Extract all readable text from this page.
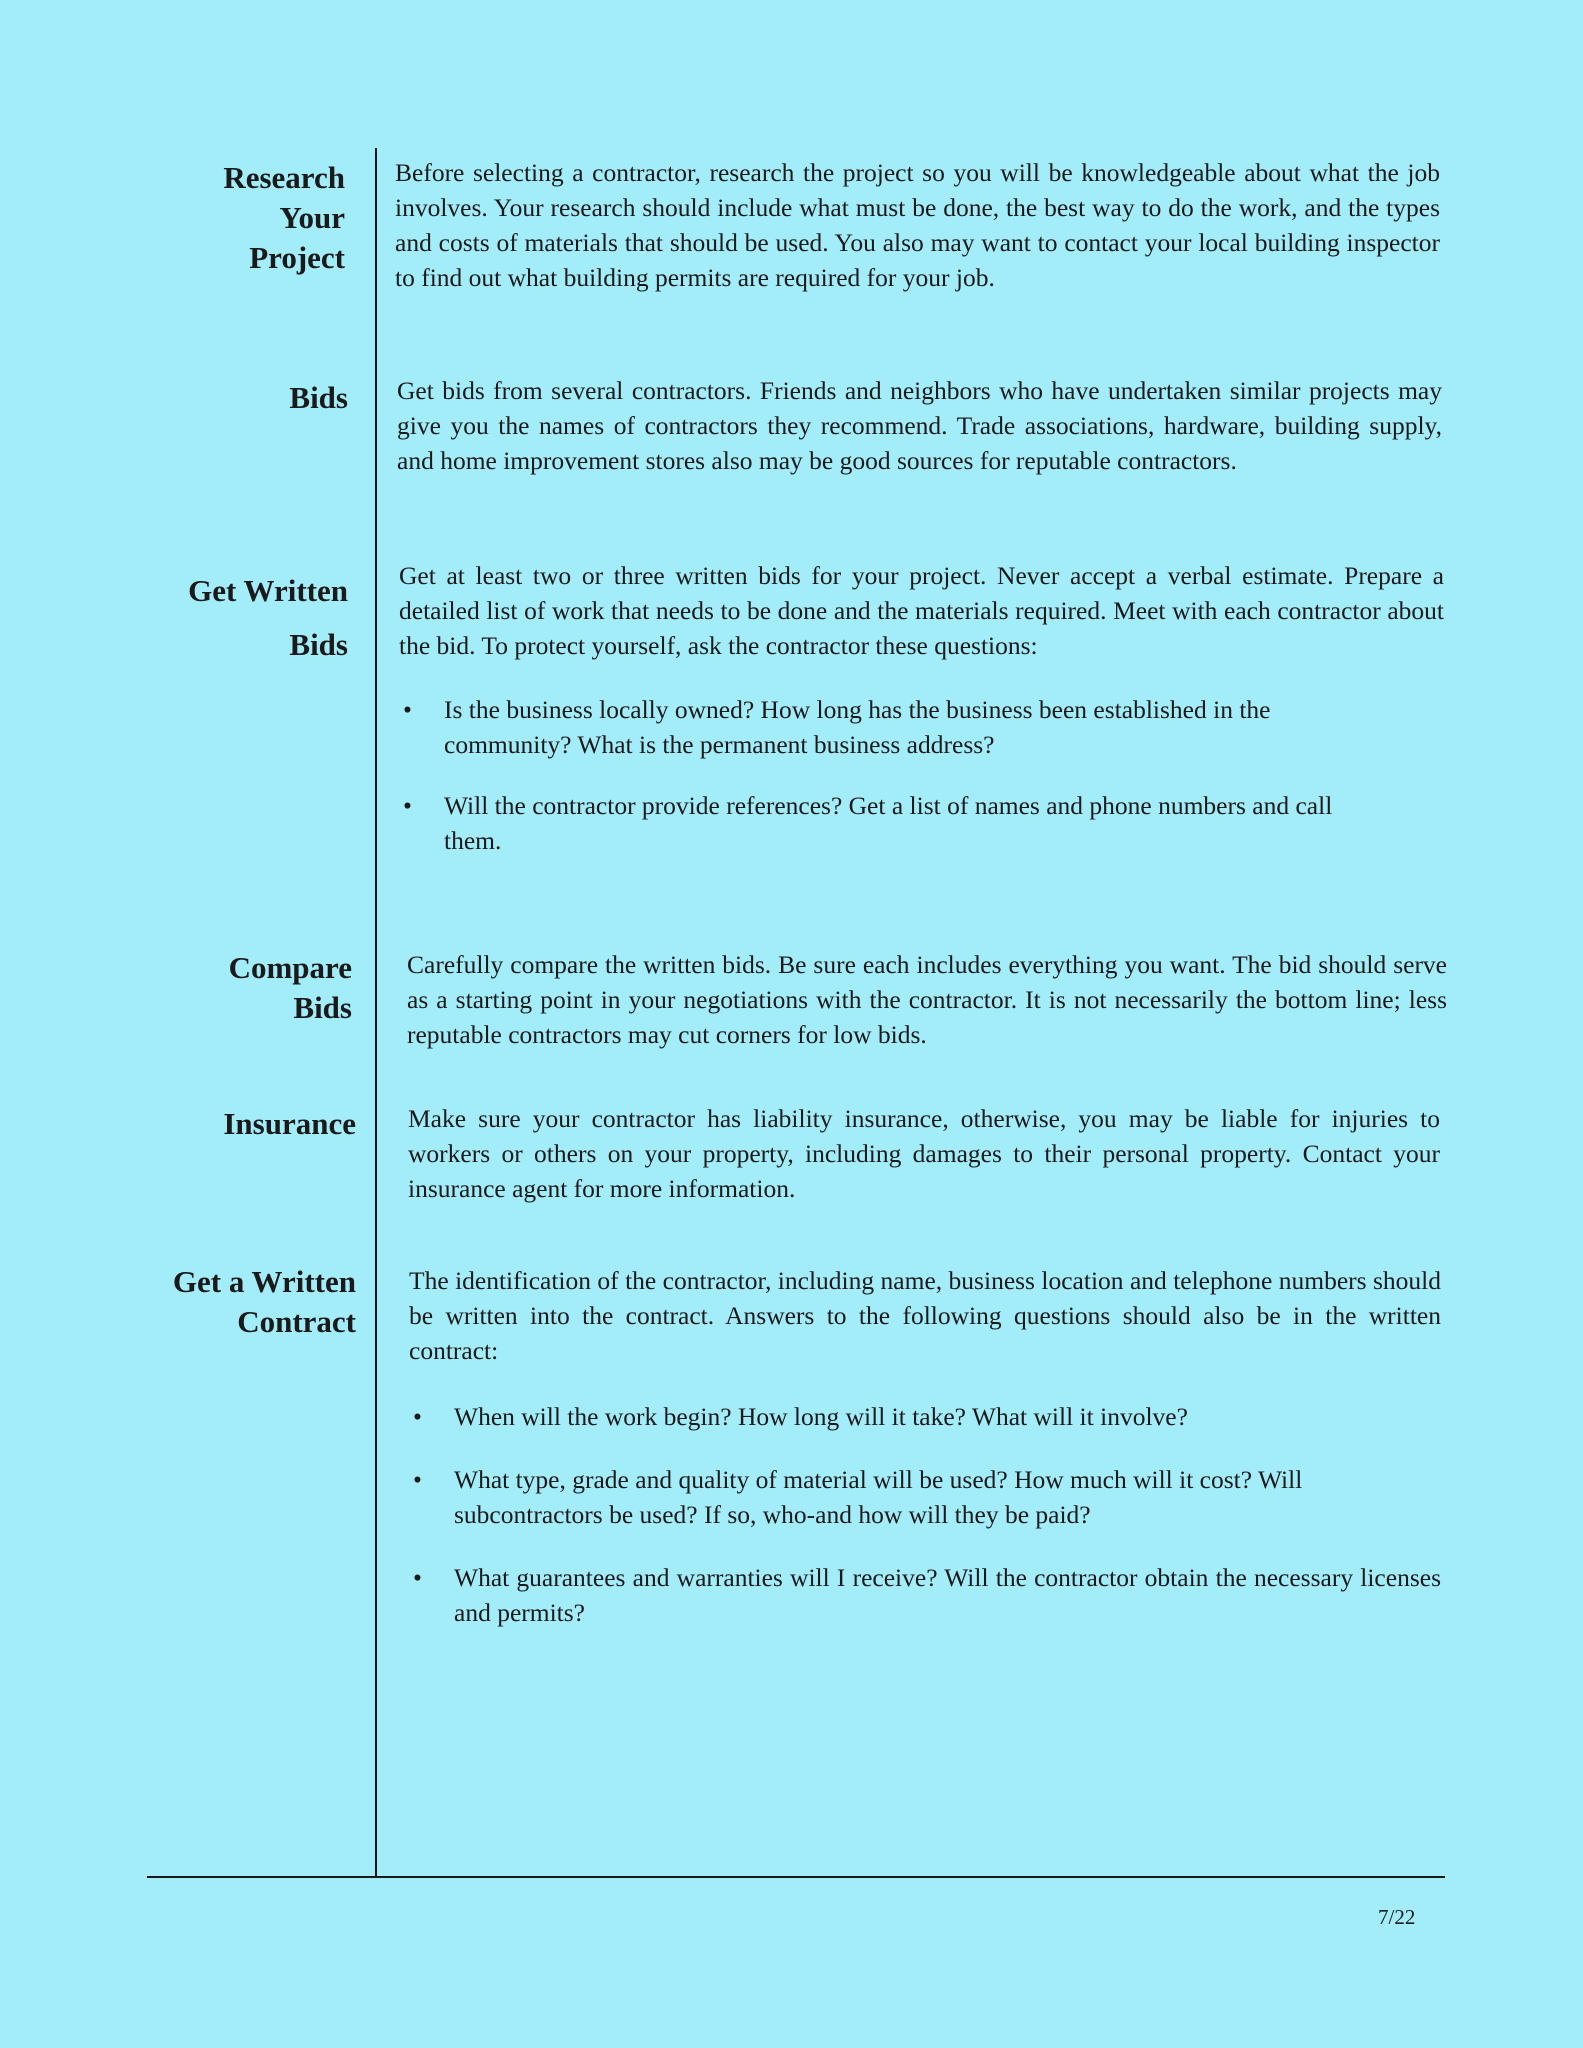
Research
Your
Project

Before selecting a contractor, research the project so you will be knowledgeable about what the job involves. Your research should include what must be done, the best way to do the work, and the types and costs of materials that should be used. You also may want to contact your local building inspector to find out what building permits are required for your job.

Bids Get bids from several contractors. Friends and neighbors who have undertaken similar projects may give you the names of contractors they recommend. Trade associations, hardware, building supply, and home improvement stores also may be good sources for reputable contractors.

Get Written
Bids

Get at least two or three written bids for your project. Never accept a verbal estimate. Prepare a detailed list of work that needs to be done and the materials required. Meet with each contractor about the bid. To protect yourself, ask the contractor these questions:

• Is the business locally owned? How long has the business been established in the community? What is the permanent business address?
• Will the contractor provide references? Get a list of names and phone numbers and call them.
Compare
Bids

Carefully compare the written bids. Be sure each includes everything you want. The bid should serve as a starting point in your negotiations with the contractor. It is not necessarily the bottom line; less reputable contractors may cut corners for low bids.

Insurance Make sure your contractor has liability insurance, otherwise, you may be liable for injuries to workers or others on your property, including damages to their personal property. Contact your insurance agent for more information.

Get a Written
Contract

The identification of the contractor, including name, business location and telephone numbers should be written into the contract. Answers to the following questions should also be in the written contract:

• When will the work begin? How long will it take? What will it involve?
• What type, grade and quality of material will be used? How much will it cost? Will subcontractors be used? If so, who-and how will they be paid?
• What guarantees and warranties will I receive? Will the contractor obtain the necessary licenses and permits?
7/22
